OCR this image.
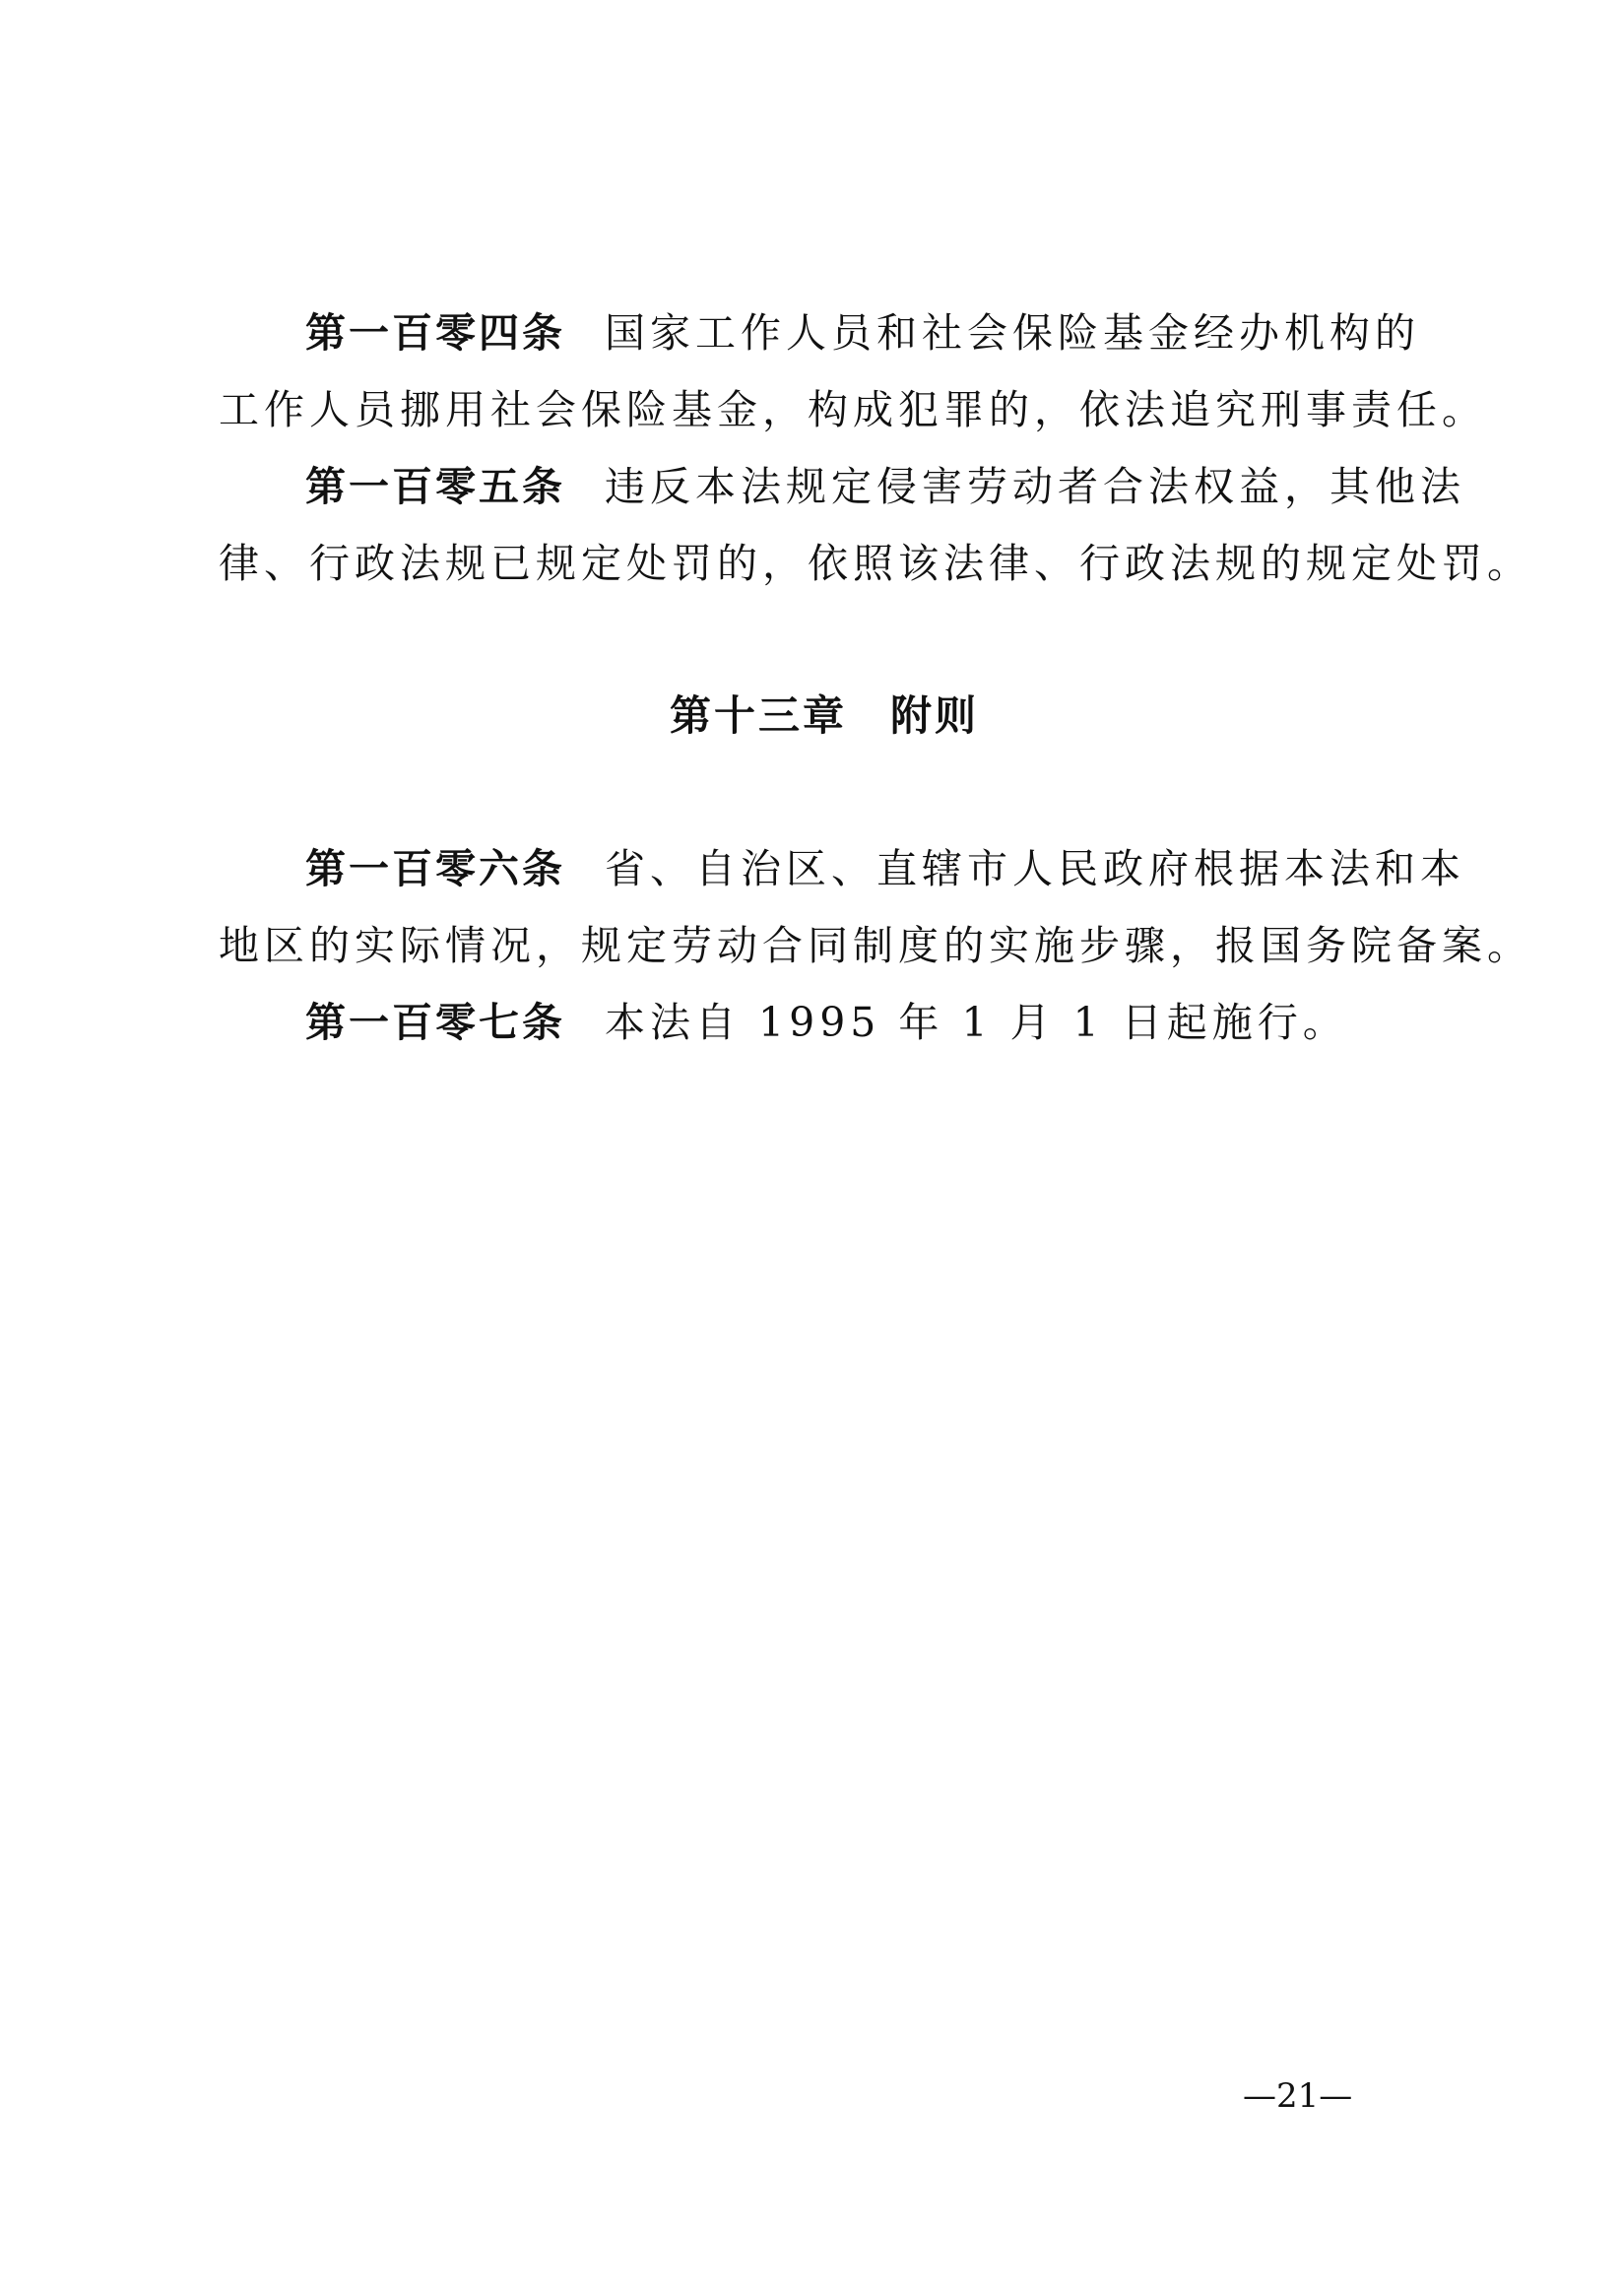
第一百零四条 国家工作人员和社会保险基金经办机构的
工作人员挪用社会保险基金，构成犯罪的，依法追究刑事责任。
第一百零五条 违反本法规定侵害劳动者合法权益，其他法
律、行政法规已规定处罚的，依照该法律、行政法规的规定处罚。
第十三章 附则
第一百零六条 省、自治区、直辖市人民政府根据本法和本
地区的实际情况，规定劳动合同制度的实施步骤，报国务院备案。
第一百零七条 本法自 1995 年 1 月 1 日起施行。
—21—
